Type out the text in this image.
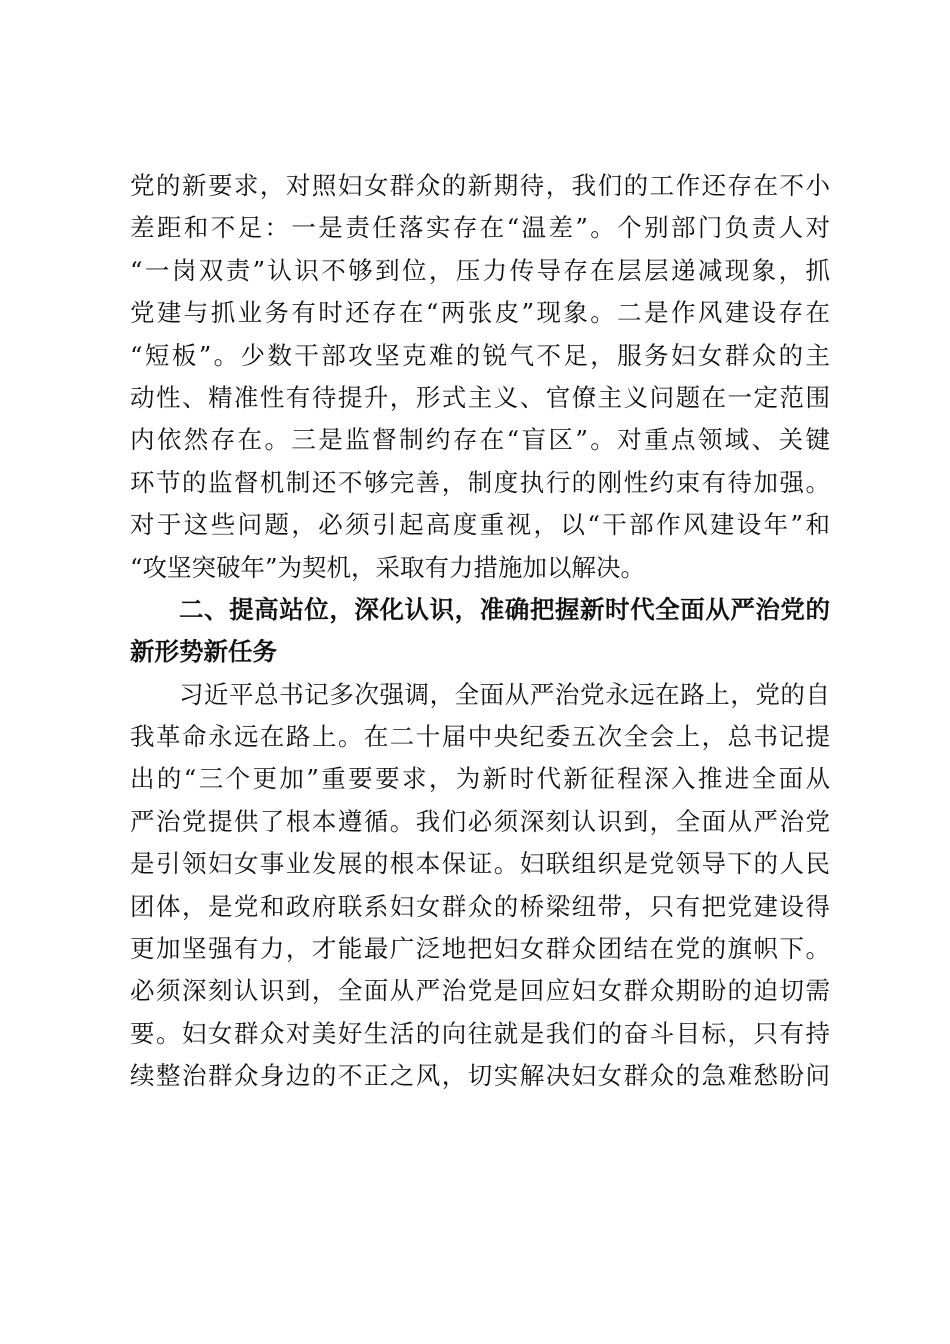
党的新要求，对照妇女群众的新期待，我们的工作还存在不小
差距和不足：一是责任落实存在“温差”。个别部门负责人对
“一岗双责”认识不够到位，压力传导存在层层递减现象，抓
党建与抓业务有时还存在“两张皮”现象。二是作风建设存在
“短板”。少数干部攻坚克难的锐气不足，服务妇女群众的主
动性、精准性有待提升，形式主义、官僚主义问题在一定范围
内依然存在。三是监督制约存在“盲区”。对重点领域、关键
环节的监督机制还不够完善，制度执行的刚性约束有待加强。
对于这些问题，必须引起高度重视，以“干部作风建设年”和
“攻坚突破年”为契机，采取有力措施加以解决。
二、提高站位，深化认识，准确把握新时代全面从严治党的
新形势新任务
习近平总书记多次强调，全面从严治党永远在路上，党的自
我革命永远在路上。在二十届中央纪委五次全会上，总书记提
出的“三个更加”重要要求，为新时代新征程深入推进全面从
严治党提供了根本遵循。我们必须深刻认识到，全面从严治党
是引领妇女事业发展的根本保证。妇联组织是党领导下的人民
团体，是党和政府联系妇女群众的桥梁纽带，只有把党建设得
更加坚强有力，才能最广泛地把妇女群众团结在党的旗帜下。
必须深刻认识到，全面从严治党是回应妇女群众期盼的迫切需
要。妇女群众对美好生活的向往就是我们的奋斗目标，只有持
续整治群众身边的不正之风，切实解决妇女群众的急难愁盼问
